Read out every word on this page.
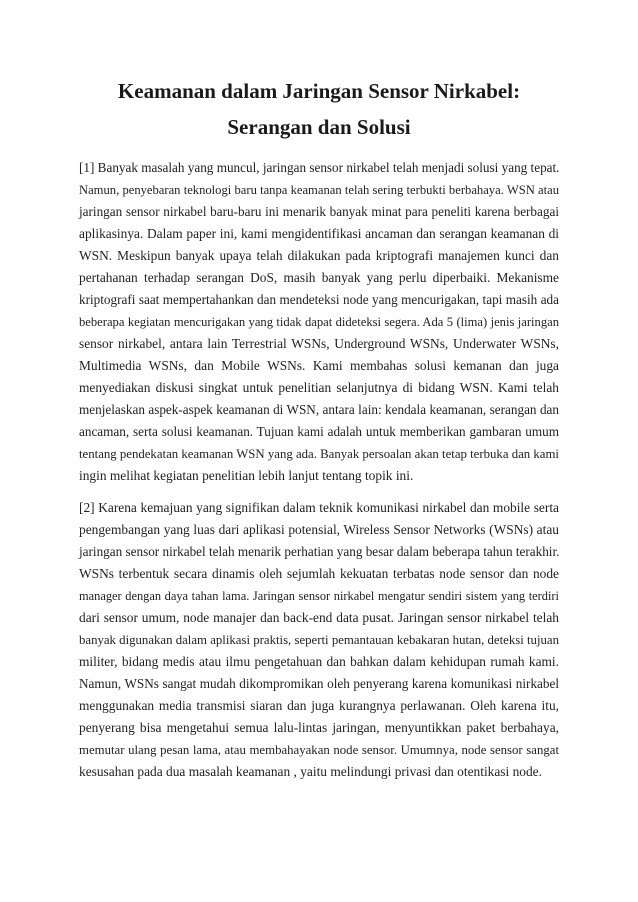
Keamanan dalam Jaringan Sensor Nirkabel:
Serangan dan Solusi
[1] Banyak masalah yang muncul, jaringan sensor nirkabel telah menjadi solusi yang tepat.
Namun, penyebaran teknologi baru tanpa keamanan telah sering terbukti berbahaya. WSN atau
jaringan sensor nirkabel baru-baru ini menarik banyak minat para peneliti karena berbagai
aplikasinya. Dalam paper ini, kami mengidentifikasi ancaman dan serangan keamanan di
WSN. Meskipun banyak upaya telah dilakukan pada kriptografi manajemen kunci dan
pertahanan terhadap serangan DoS, masih banyak yang perlu diperbaiki. Mekanisme
kriptografi saat mempertahankan dan mendeteksi node yang mencurigakan, tapi masih ada
beberapa kegiatan mencurigakan yang tidak dapat dideteksi segera. Ada 5 (lima) jenis jaringan
sensor nirkabel, antara lain Terrestrial WSNs, Underground WSNs, Underwater WSNs,
Multimedia WSNs, dan Mobile WSNs. Kami membahas solusi kemanan dan juga
menyediakan diskusi singkat untuk penelitian selanjutnya di bidang WSN. Kami telah
menjelaskan aspek-aspek keamanan di WSN, antara lain: kendala keamanan, serangan dan
ancaman, serta solusi keamanan. Tujuan kami adalah untuk memberikan gambaran umum
tentang pendekatan keamanan WSN yang ada. Banyak persoalan akan tetap terbuka dan kami
ingin melihat kegiatan penelitian lebih lanjut tentang topik ini.
[2] Karena kemajuan yang signifikan dalam teknik komunikasi nirkabel dan mobile serta
pengembangan yang luas dari aplikasi potensial, Wireless Sensor Networks (WSNs) atau
jaringan sensor nirkabel telah menarik perhatian yang besar dalam beberapa tahun terakhir.
WSNs terbentuk secara dinamis oleh sejumlah kekuatan terbatas node sensor dan node
manager dengan daya tahan lama. Jaringan sensor nirkabel mengatur sendiri sistem yang terdiri
dari sensor umum, node manajer dan back-end data pusat. Jaringan sensor nirkabel telah
banyak digunakan dalam aplikasi praktis, seperti pemantauan kebakaran hutan, deteksi tujuan
militer, bidang medis atau ilmu pengetahuan dan bahkan dalam kehidupan rumah kami.
Namun, WSNs sangat mudah dikompromikan oleh penyerang karena komunikasi nirkabel
menggunakan media transmisi siaran dan juga kurangnya perlawanan. Oleh karena itu,
penyerang bisa mengetahui semua lalu-lintas jaringan, menyuntikkan paket berbahaya,
memutar ulang pesan lama, atau membahayakan node sensor. Umumnya, node sensor sangat
kesusahan pada dua masalah keamanan , yaitu melindungi privasi dan otentikasi node.
